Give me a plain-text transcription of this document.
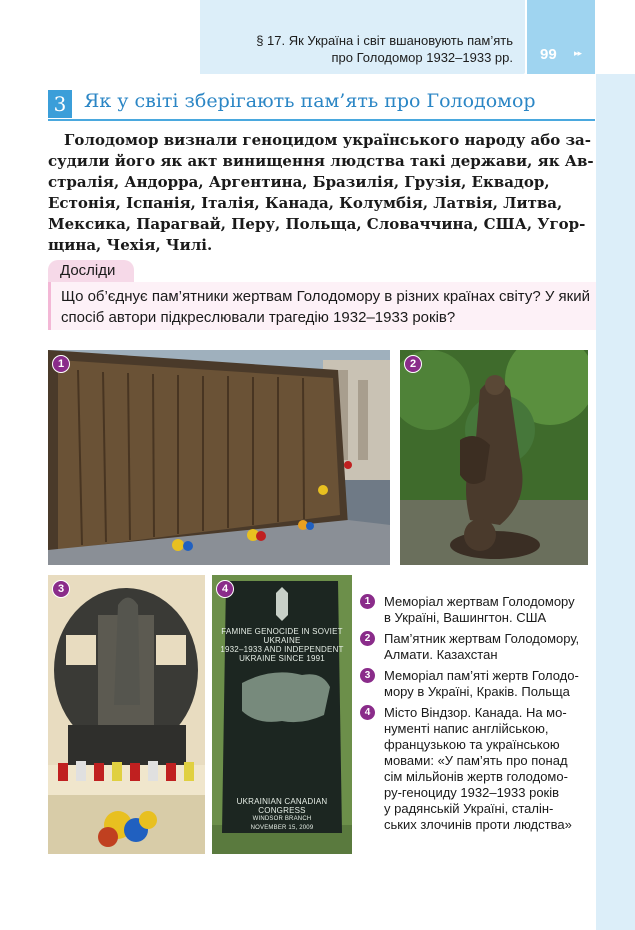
§ 17. Як Україна і світ вшановують пам’ять
про Голодомор 1932–1933 рр. 99 ▸▸
3 Як у світі зберігають пам’ять про Голодомор
Голодомор визнали геноцидом українського народу або за-
судили його як акт винищення людства такі держави, як Ав-
стралія, Андорра, Аргентина, Бразилія, Грузія, Еквадор,
Естонія, Іспанія, Італія, Канада, Колумбія, Латвія, Литва,
Мексика, Парагвай, Перу, Польща, Словаччина, США, Угор-
щина, Чехія, Чилі.
Досліди
Що об’єднує пам’ятники жертвам Голодомору в різних країнах світу? У який
спосіб автори підкреслювали трагедію 1932–1933 років?
1	2
3
FAMINE GENOCIDE IN SOVIET UKRAINE
1932–1933 AND INDEPENDENT
UKRAINE SINCE 1991
UKRAINIAN CANADIAN CONGRESS
WINDSOR BRANCH
NOVEMBER 15, 2009
4
1	Меморіал жертвам Голодомору
в Україні, Вашингтон. США
2	Пам’ятник жертвам Голодомору,
Алмати. Казахстан
3	Меморіал пам’яті жертв Голодо-
мору в Україні, Краків. Польща
4	Місто Віндзор. Канада. На мо-
нументі напис англійською,
французькою та українською
мовами: «У пам’ять про понад
сім мільйонів жертв голодомо-
ру-геноциду 1932–1933 років
у радянській Україні, сталін-
ських злочинів проти людства»
